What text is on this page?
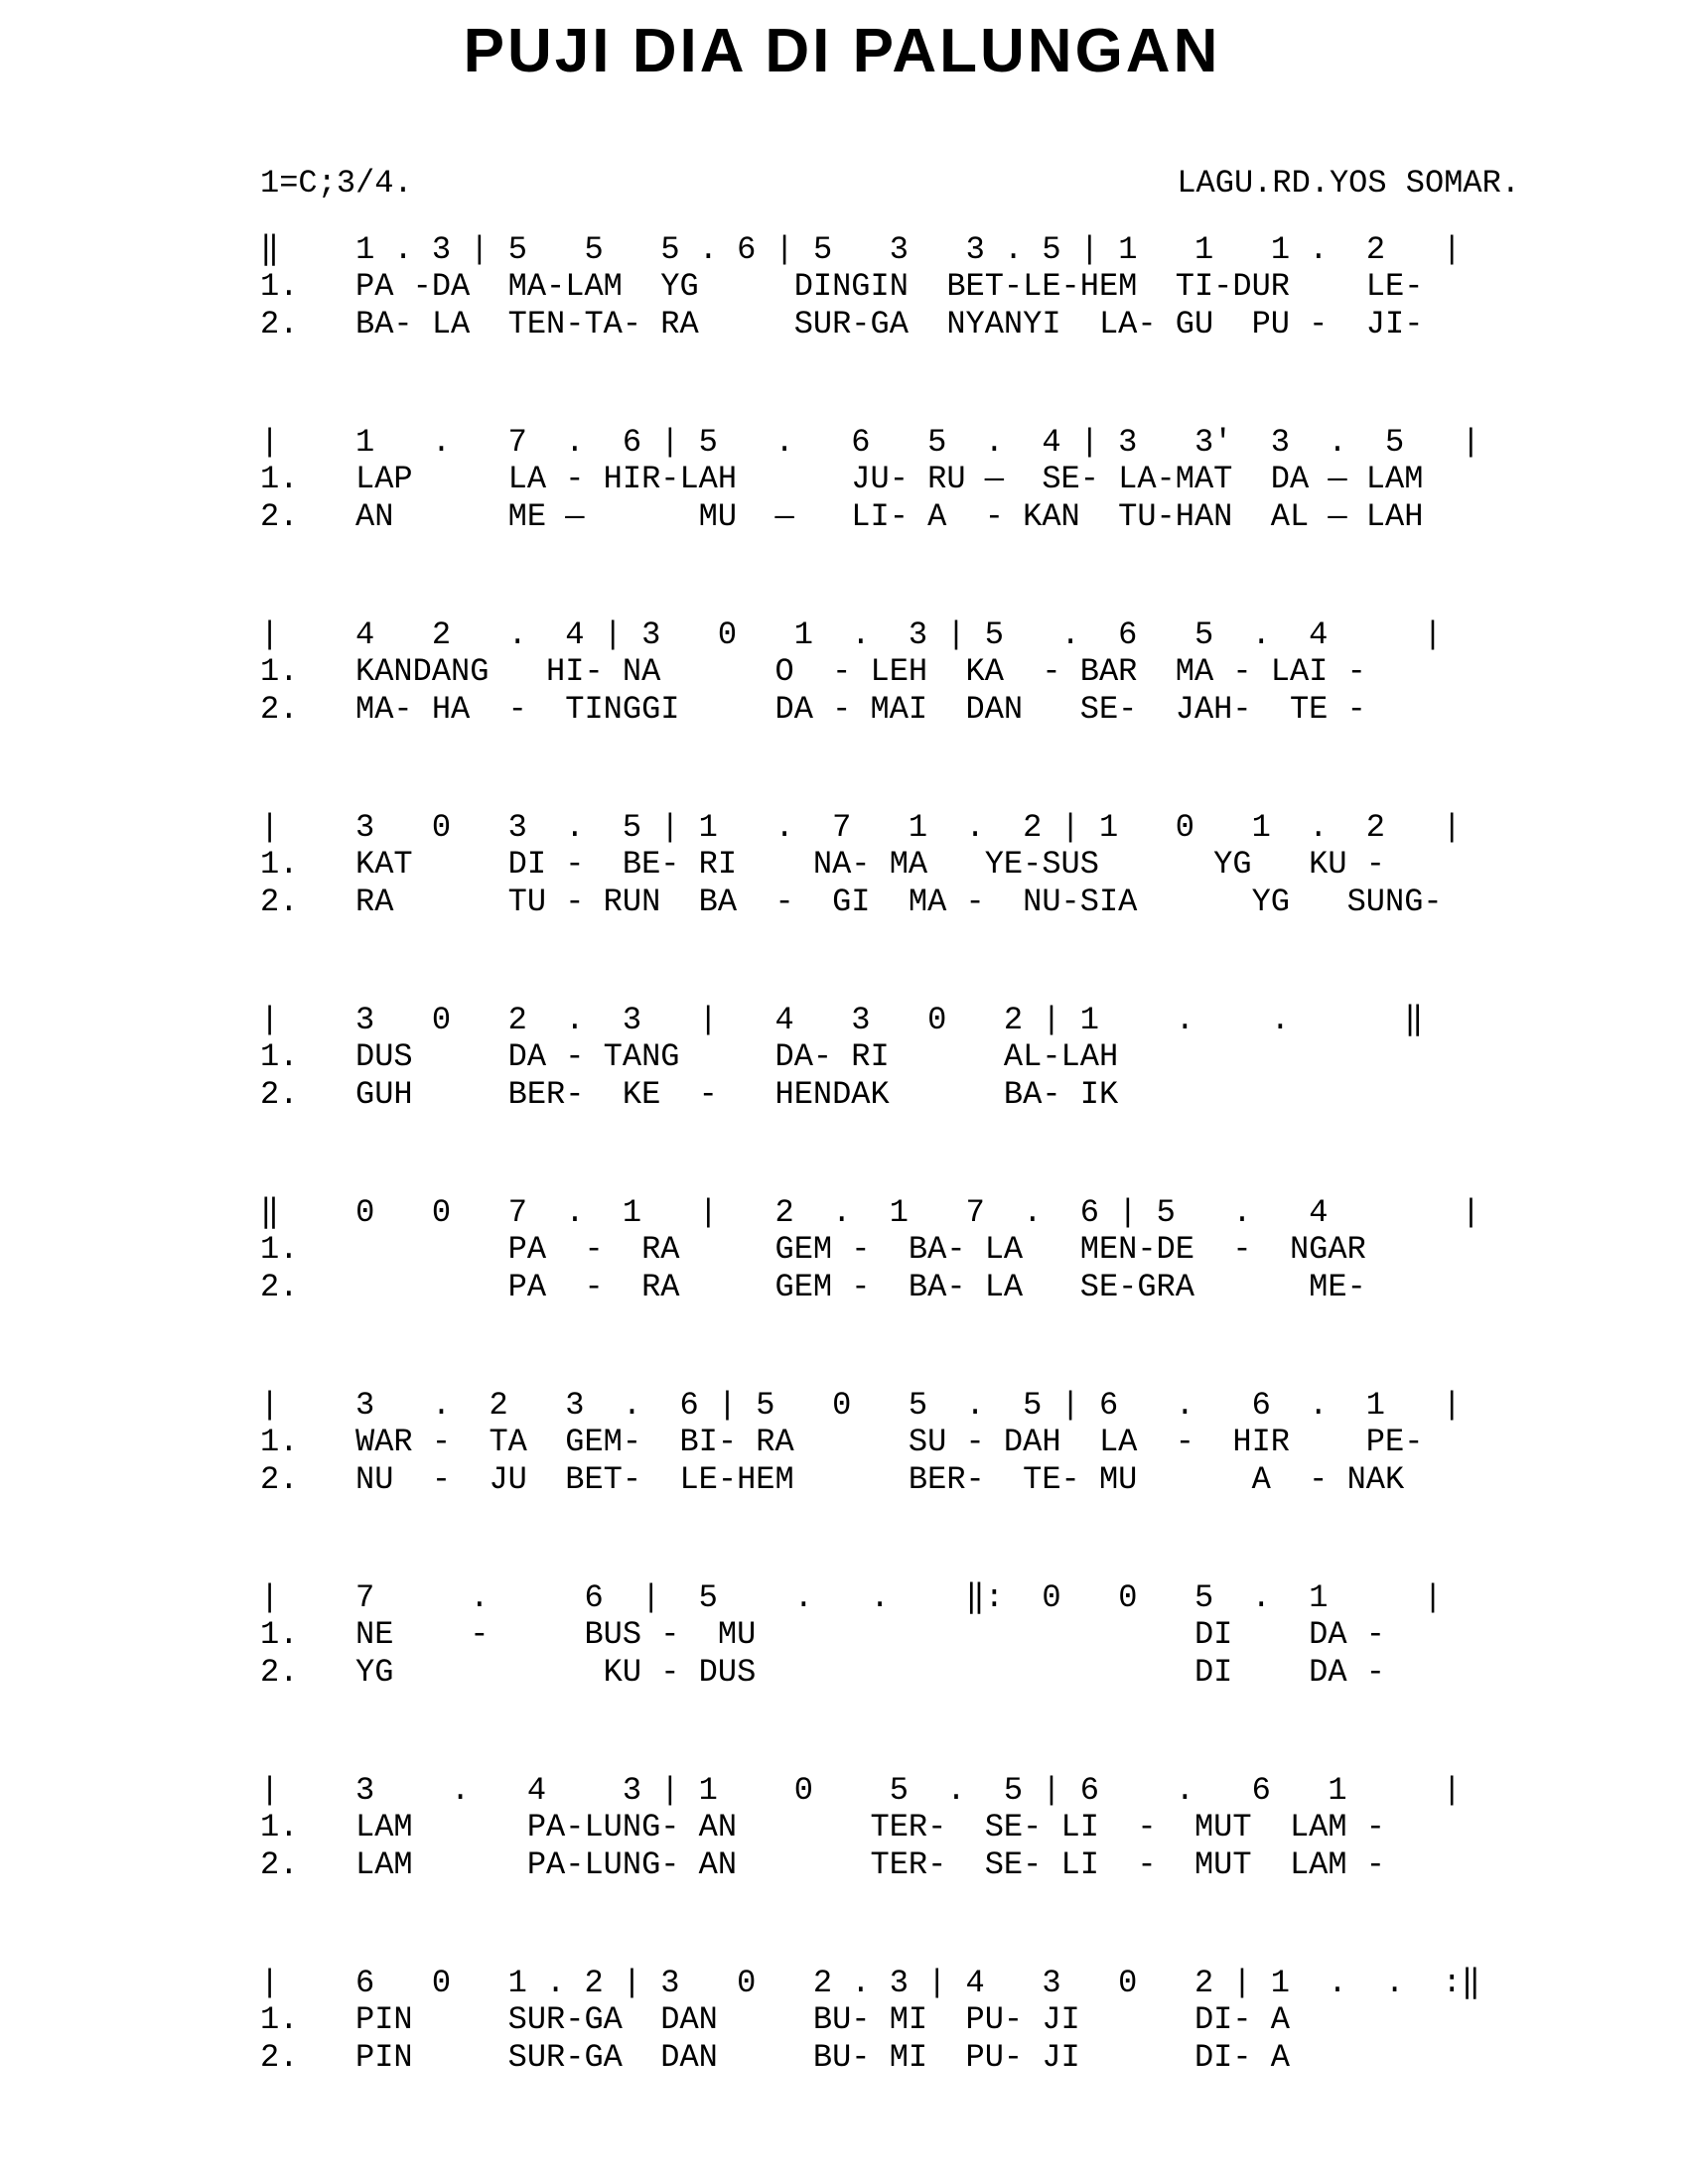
PUJI DIA DI PALUNGAN
1=C;3/4.	LAGU.RD.YOS SOMAR.
‖    1 . 3 | 5   5   5 . 6 | 5   3   3 . 5 | 1   1   1 .  2   |
1.   PA -DA  MA-LAM  YG     DINGIN  BET-LE-HEM  TI-DUR    LE-
2.   BA- LA  TEN-TA- RA     SUR-GA  NYANYI  LA- GU  PU -  JI-
|    1   .   7  .  6 | 5   .   6   5  .  4 | 3   3'  3  .  5   |
1.   LAP     LA - HIR-LAH      JU- RU —  SE- LA-MAT  DA — LAM
2.   AN      ME —      MU  —   LI- A  - KAN  TU-HAN  AL — LAH
|    4   2   .  4 | 3   0   1  .  3 | 5   .  6   5  .  4     |
1.   KANDANG   HI- NA      O  - LEH  KA  - BAR  MA - LAI -
2.   MA- HA  -  TINGGI     DA - MAI  DAN   SE-  JAH-  TE -
|    3   0   3  .  5 | 1   .  7   1  .  2 | 1   0   1  .  2   |
1.   KAT     DI -  BE- RI    NA- MA   YE-SUS      YG   KU -
2.   RA      TU - RUN  BA  -  GI  MA -  NU-SIA      YG   SUNG-
|    3   0   2  .  3   |   4   3   0   2 | 1    .    .      ‖
1.   DUS     DA - TANG     DA- RI      AL-LAH
2.   GUH     BER-  KE  -   HENDAK      BA- IK
‖    0   0   7  .  1   |   2  .  1   7  .  6 | 5   .   4       |
1.           PA  -  RA     GEM -  BA- LA   MEN-DE  -  NGAR
2.           PA  -  RA     GEM -  BA- LA   SE-GRA      ME-
|    3   .  2   3  .  6 | 5   0   5  .  5 | 6   .   6  .  1   |
1.   WAR -  TA  GEM-  BI- RA      SU - DAH  LA  -  HIR    PE-
2.   NU  -  JU  BET-  LE-HEM      BER-  TE- MU      A  - NAK
|    7     .     6  |  5    .   .    ‖:  0   0   5  .  1     |
1.   NE    -     BUS -  MU                       DI    DA -
2.   YG           KU - DUS                       DI    DA -
|    3    .   4    3 | 1    0    5  .  5 | 6    .   6   1     |
1.   LAM      PA-LUNG- AN       TER-  SE- LI  -  MUT  LAM -
2.   LAM      PA-LUNG- AN       TER-  SE- LI  -  MUT  LAM -
|    6   0   1 . 2 | 3   0   2 . 3 | 4   3   0   2 | 1  .  .  :‖
1.   PIN     SUR-GA  DAN     BU- MI  PU- JI      DI- A
2.   PIN     SUR-GA  DAN     BU- MI  PU- JI      DI- A
